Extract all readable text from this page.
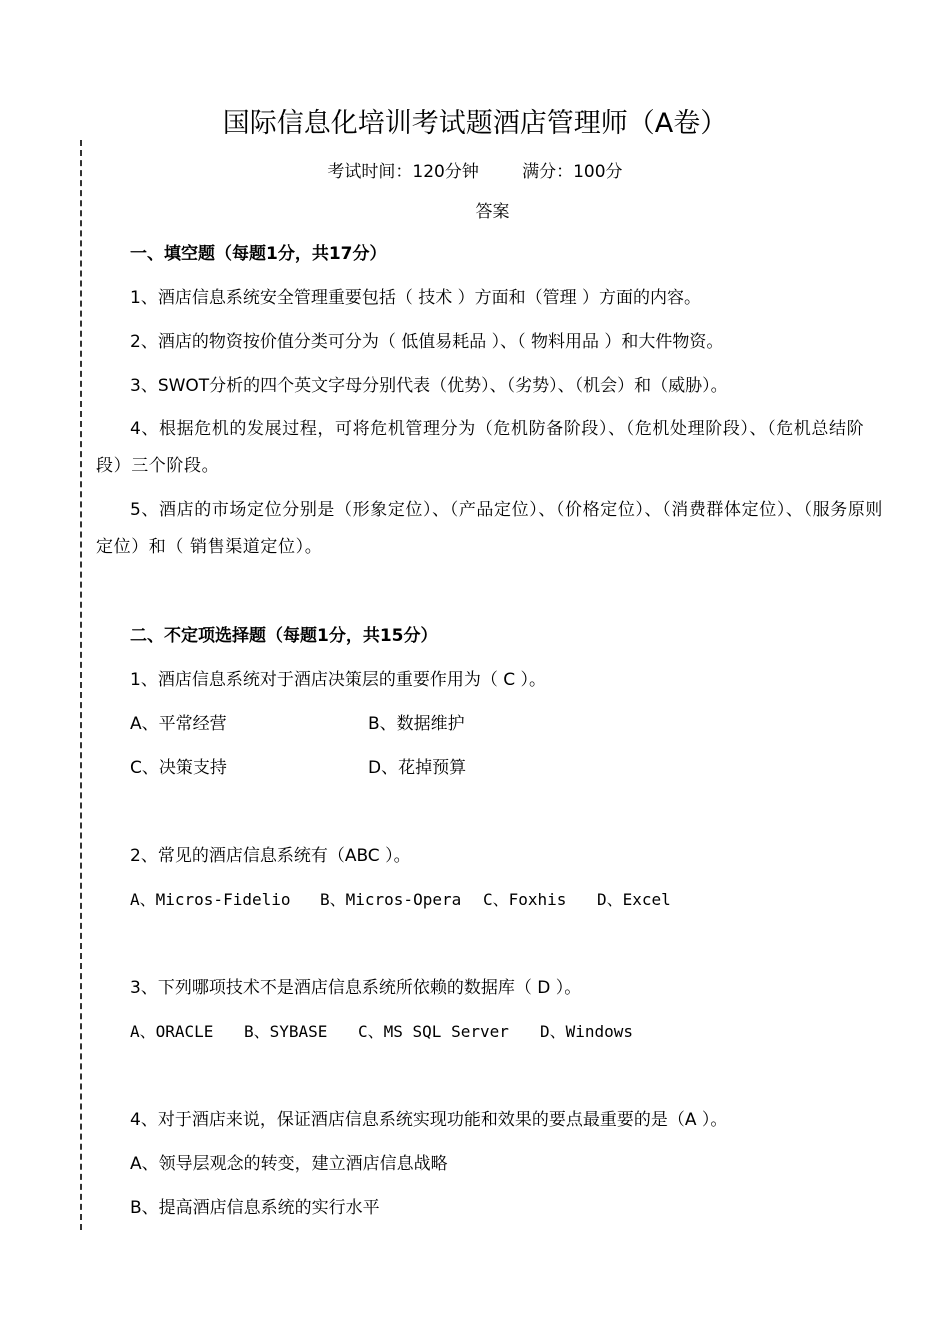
国际信息化培训考试题酒店管理师（A卷）
考试时间：120分钟        满分：100分
答案
一、填空题（每题1分，共17分）
1、酒店信息系统安全管理重要包括（ 技术 ）方面和（管理 ）方面的内容。
2、酒店的物资按价值分类可分为（ 低值易耗品 ）、（ 物料用品 ）和大件物资。
3、SWOT分析的四个英文字母分别代表（优势）、（劣势）、（机会）和（威胁）。
4、根据危机的发展过程，可将危机管理分为（危机防备阶段）、（危机处理阶段）、（危机总结阶段）三个阶段。
5、酒店的市场定位分别是（形象定位）、（产品定位）、（价格定位）、（消费群体定位）、（服务原则定位）和（ 销售渠道定位）。
二、不定项选择题（每题1分，共15分）
1、酒店信息系统对于酒店决策层的重要作用为（ C ）。
A、平常经营	B、数据维护
C、决策支持	D、花掉预算
2、常见的酒店信息系统有（ABC ）。
A、Micros-Fidelio B、Micros-Opera C、Foxhis D、Excel
3、下列哪项技术不是酒店信息系统所依赖的数据库（ D ）。
A、ORACLE B、SYBASE C、MS SQL Server D、Windows
4、对于酒店来说，保证酒店信息系统实现功能和效果的要点最重要的是（A ）。
A、领导层观念的转变，建立酒店信息战略
B、提高酒店信息系统的实行水平
